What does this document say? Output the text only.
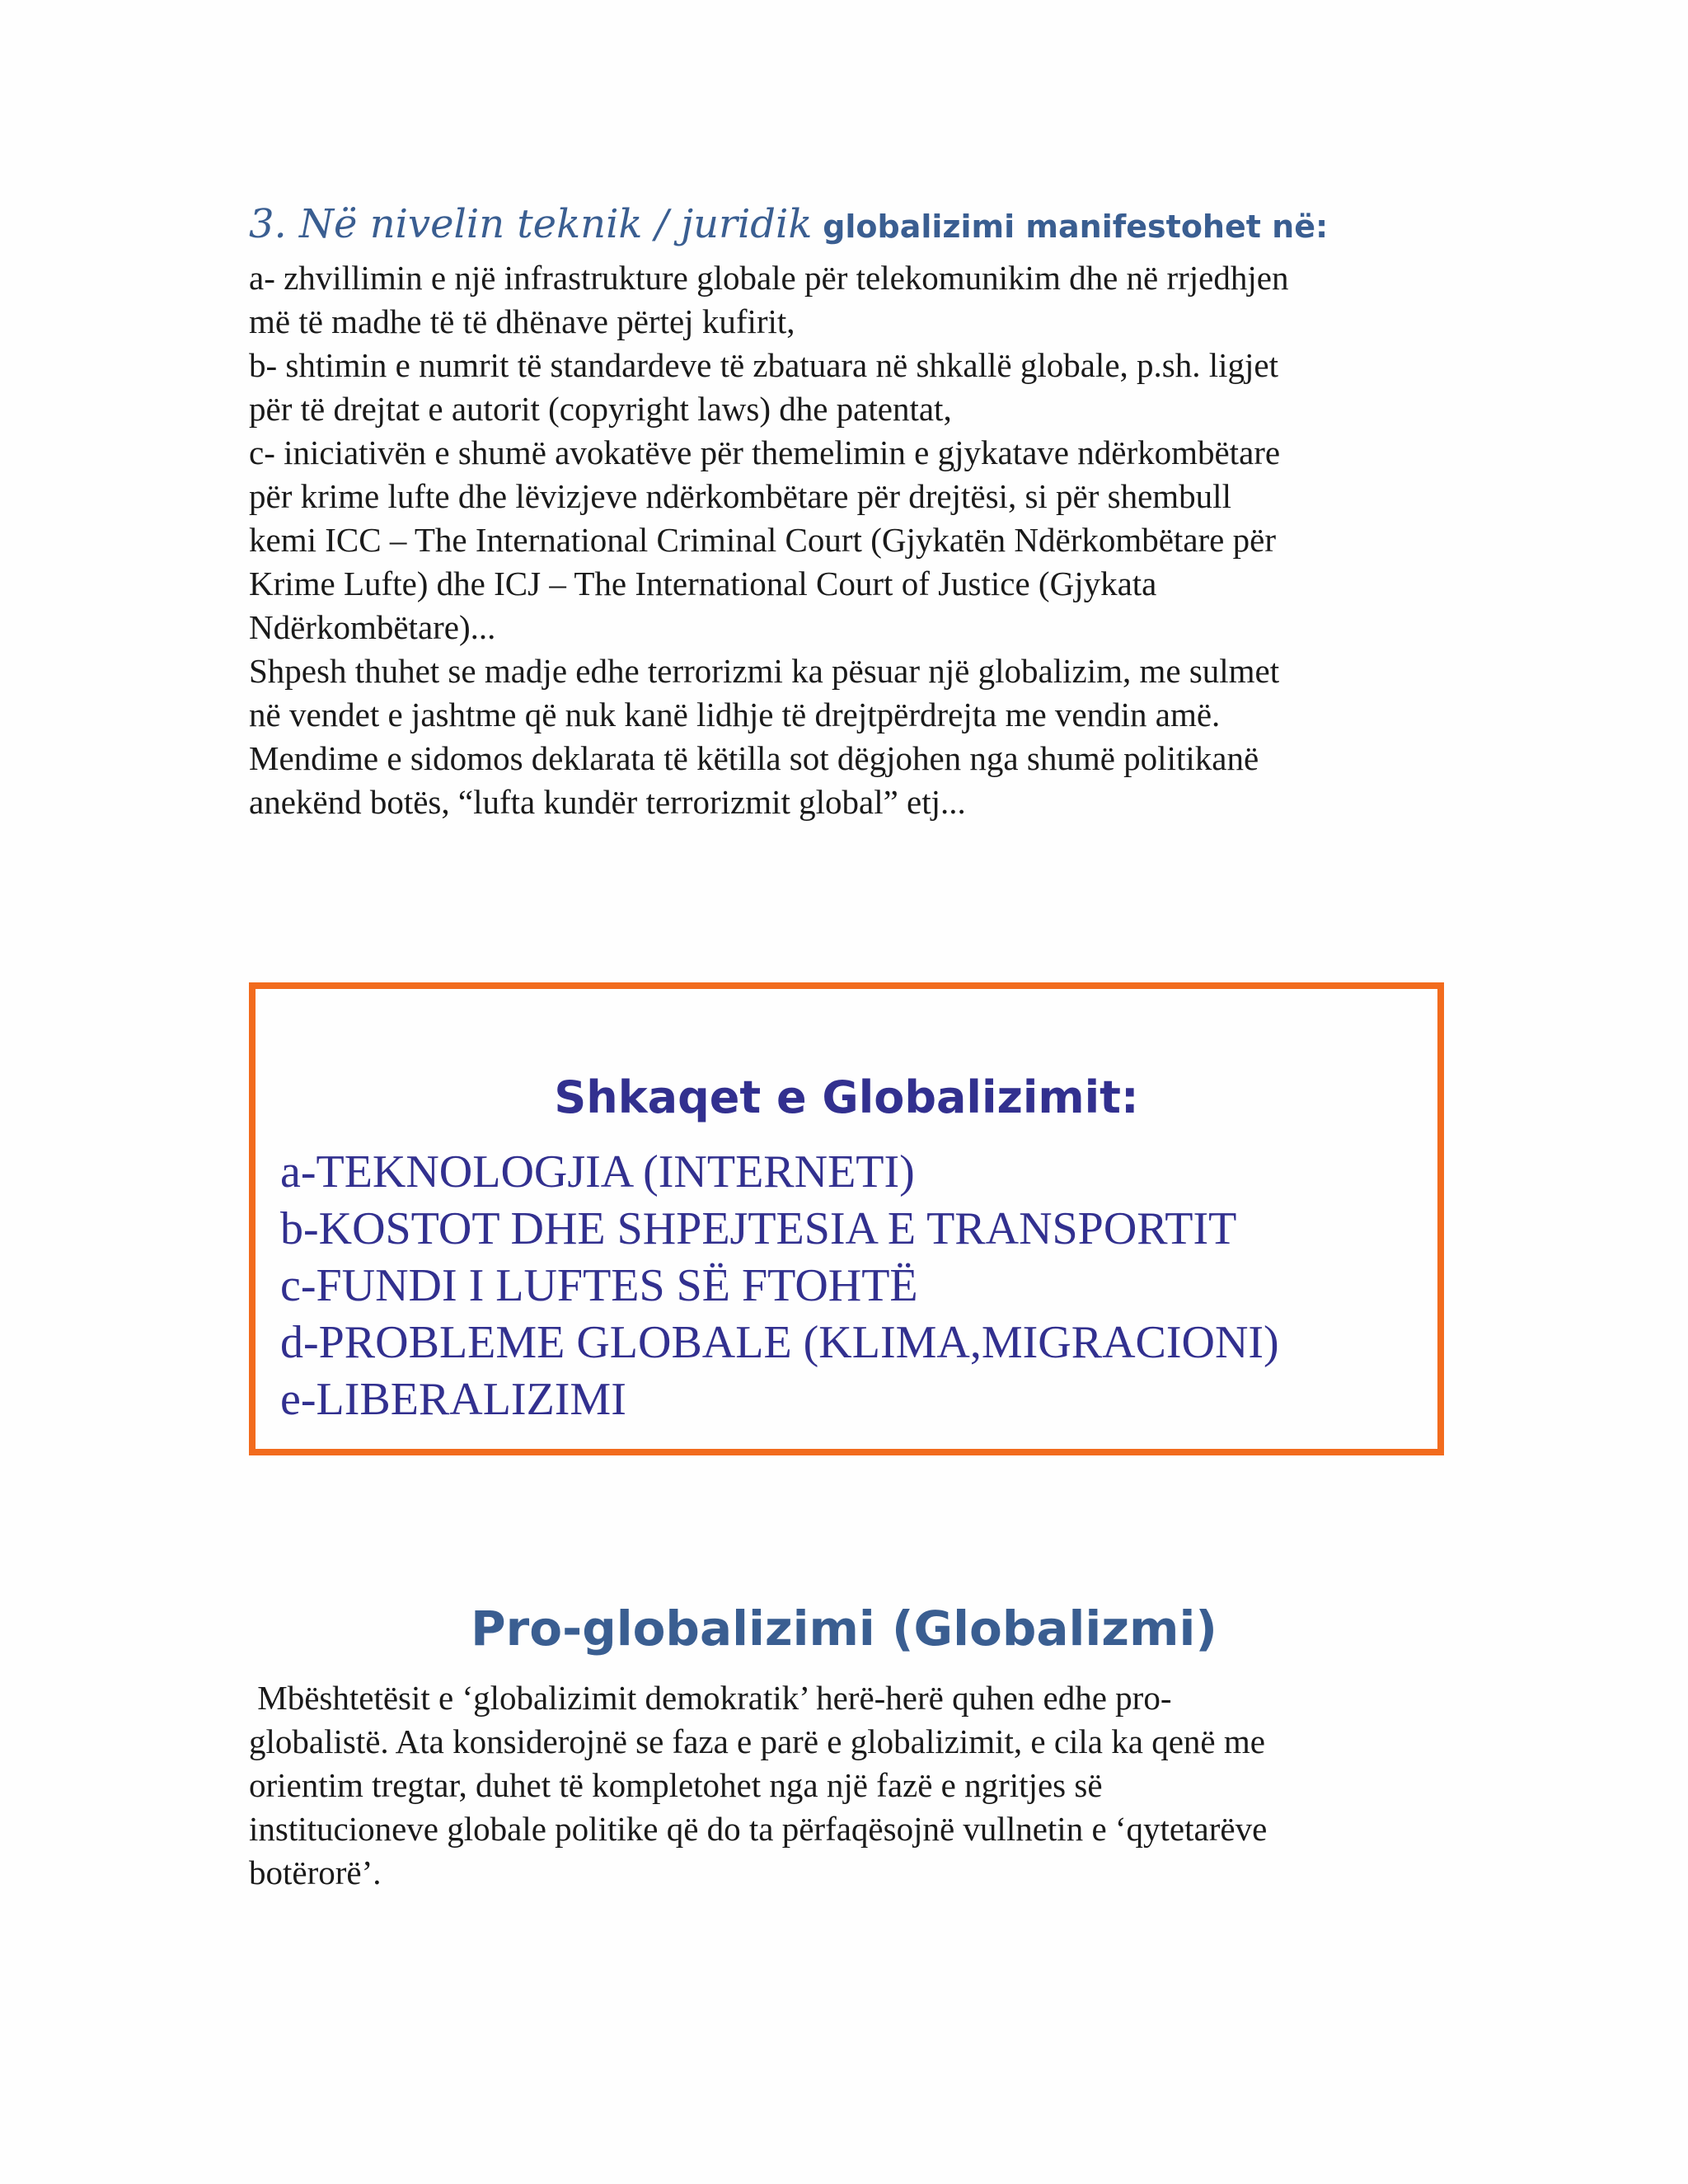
3. Në nivelin teknik / juridik globalizimi manifestohet në:

a- zhvillimin e një infrastrukture globale për telekomunikim dhe në rrjedhjen

më të madhe të të dhënave përtej kufirit,

b- shtimin e numrit të standardeve të zbatuara në shkallë globale, p.sh. ligjet

për të drejtat e autorit (copyright laws) dhe patentat,

c- iniciativën e shumë avokatëve për themelimin e gjykatave ndërkombëtare

për krime lufte dhe lëvizjeve ndërkombëtare për drejtësi, si për shembull

kemi ICC – The International Criminal Court (Gjykatën Ndërkombëtare për

Krime Lufte) dhe ICJ – The International Court of Justice (Gjykata

Ndërkombëtare)...

Shpesh thuhet se madje edhe terrorizmi ka pësuar një globalizim, me sulmet

në vendet e jashtme që nuk kanë lidhje të drejtpërdrejta me vendin amë.

Mendime e sidomos deklarata të këtilla sot dëgjohen nga shumë politikanë

anekënd botës, “lufta kundër terrorizmit global” etj...

Shkaqet e Globalizimit:
a-TEKNOLOGJIA (INTERNETI)
b-KOSTOT DHE SHPEJTESIA E TRANSPORTIT
c-FUNDI I LUFTES SË FTOHTË
d-PROBLEME GLOBALE (KLIMA,MIGRACIONI)
e-LIBERALIZIMI
Pro-globalizimi (Globalizmi)

Mbështetësit e ‘globalizimit demokratik’ herë-herë quhen edhe pro-

globalistë. Ata konsiderojnë se faza e parë e globalizimit, e cila ka qenë me

orientim tregtar, duhet të kompletohet nga një fazë e ngritjes së

institucioneve globale politike që do ta përfaqësojnë vullnetin e ‘qytetarëve

botërorë’.
